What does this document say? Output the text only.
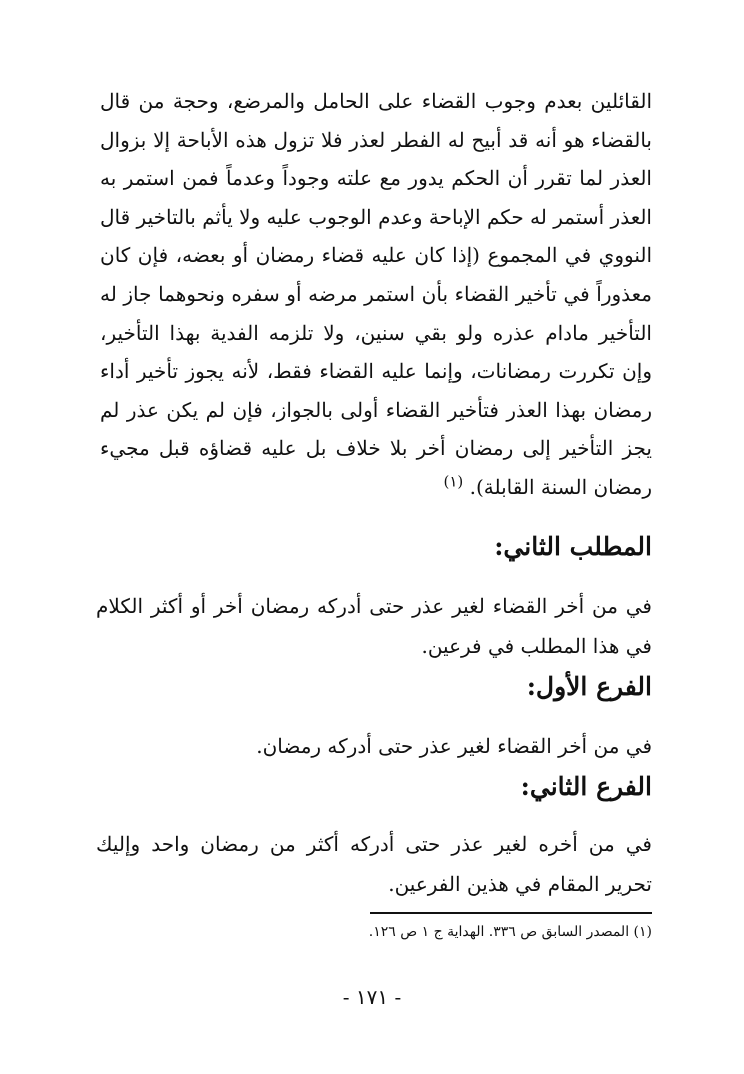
القائلين بعدم وجوب القضاء على الحامل والمرضع، وحجة من قال بالقضاء هو أنه قد أبيح له الفطر لعذر فلا تزول هذه الأباحة إلا بزوال العذر لما تقرر أن الحكم يدور مع علته وجوداً وعدماً فمن استمر به العذر أستمر له حكم الإباحة وعدم الوجوب عليه ولا يأثم بالتاخير قال النووي في المجموع (إذا كان عليه قضاء رمضان أو بعضه، فإن كان معذوراً في تأخير القضاء بأن استمر مرضه أو سفره ونحوهما جاز له التأخير مادام عذره ولو بقي سنين، ولا تلزمه الفدية بهذا التأخير، وإن تكررت رمضانات، وإنما عليه القضاء فقط، لأنه يجوز تأخير أداء رمضان بهذا العذر فتأخير القضاء أولى بالجواز، فإن لم يكن عذر لم يجز التأخير إلى رمضان أخر بلا خلاف بل عليه قضاؤه قبل مجيء رمضان السنة القابلة). $^{(١)}$

المطلب الثاني:

في من أخر القضاء لغير عذر حتى أدركه رمضان أخر أو أكثر الكلام في هذا المطلب في فرعين.

الفرع الأول:

في من أخر القضاء لغير عذر حتى أدركه رمضان.

الفرع الثاني:

في من أخره لغير عذر حتى أدركه أكثر من رمضان واحد وإليك تحرير المقام في هذين الفرعين.

(١) المصدر السابق ص ٣٣٦. الهداية ج ١ ص ١٢٦.

- ١٧١ -
